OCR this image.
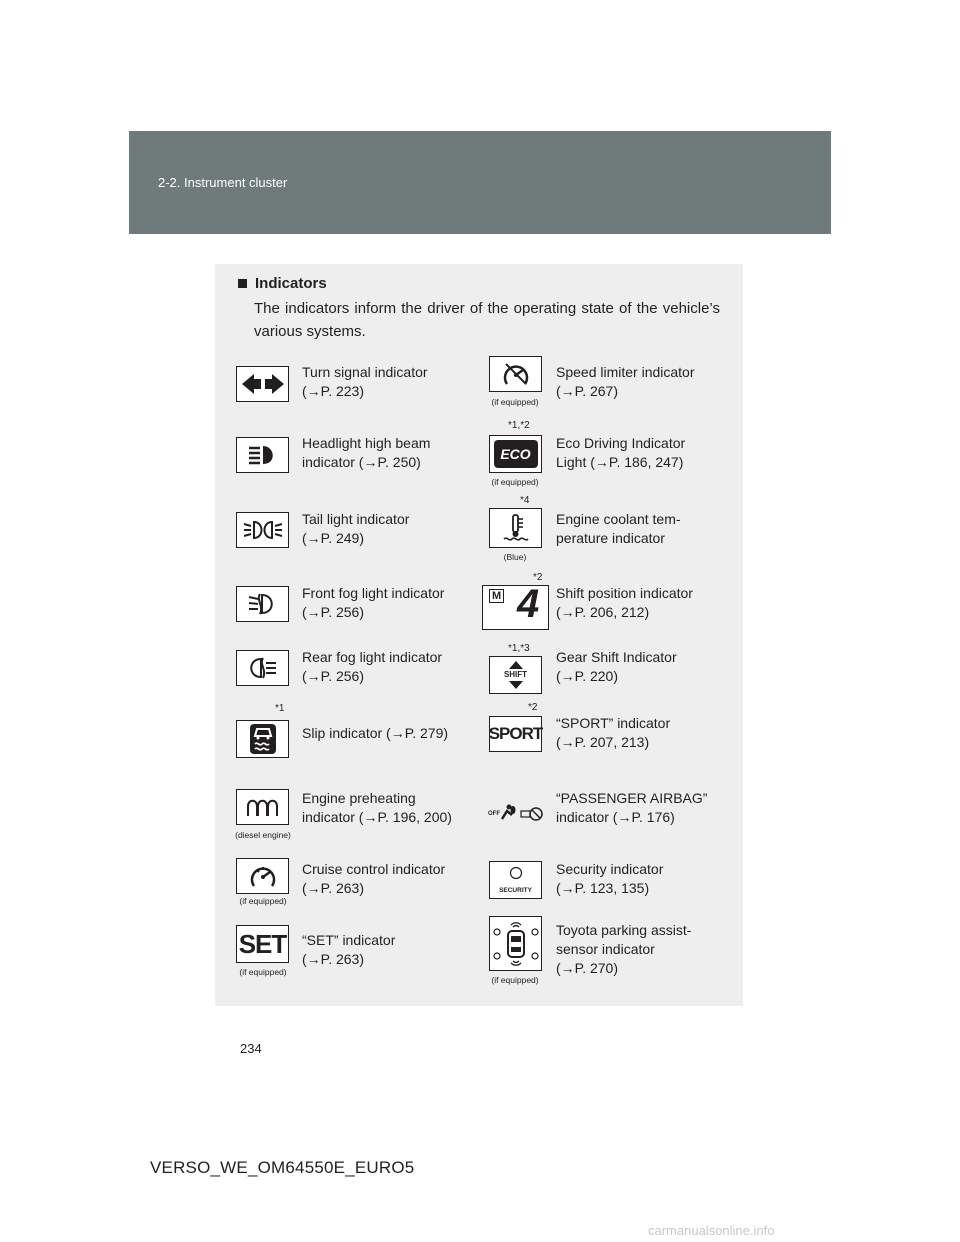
2-2. Instrument cluster
Indicators
The indicators inform the driver of the operating state of the vehicle’s various systems.
Turn signal indicator
(→P. 223)
Headlight high beam
indicator (→P. 250)
Tail light indicator
(→P. 249)
Front fog light indicator
(→P. 256)
Rear fog light indicator
(→P. 256)
*1
Slip indicator (→P. 279)
(diesel engine)
Engine preheating
indicator (→P. 196, 200)
(if equipped)
Cruise control indicator
(→P. 263)
SET
(if equipped)
“SET” indicator
(→P. 263)
(if equipped)
Speed limiter indicator
(→P. 267)
*1,*2
ECO
(if equipped)
Eco Driving Indicator
Light (→P. 186, 247)
*4
(Blue)
Engine coolant tem-
perature indicator
*2
M 4 Shift position indicator
(→P. 206, 212)
*1,*3
SHIFT
Gear Shift Indicator
(→P. 220)
*2
SPORT
“SPORT” indicator
(→P. 207, 213)
OFF
“PASSENGER AIRBAG”
indicator (→P. 176)
SECURITY
Security indicator
(→P. 123, 135)
(if equipped)
Toyota parking assist-
sensor indicator
(→P. 270)
234
VERSO_WE_OM64550E_EURO5
carmanualsonline.info
